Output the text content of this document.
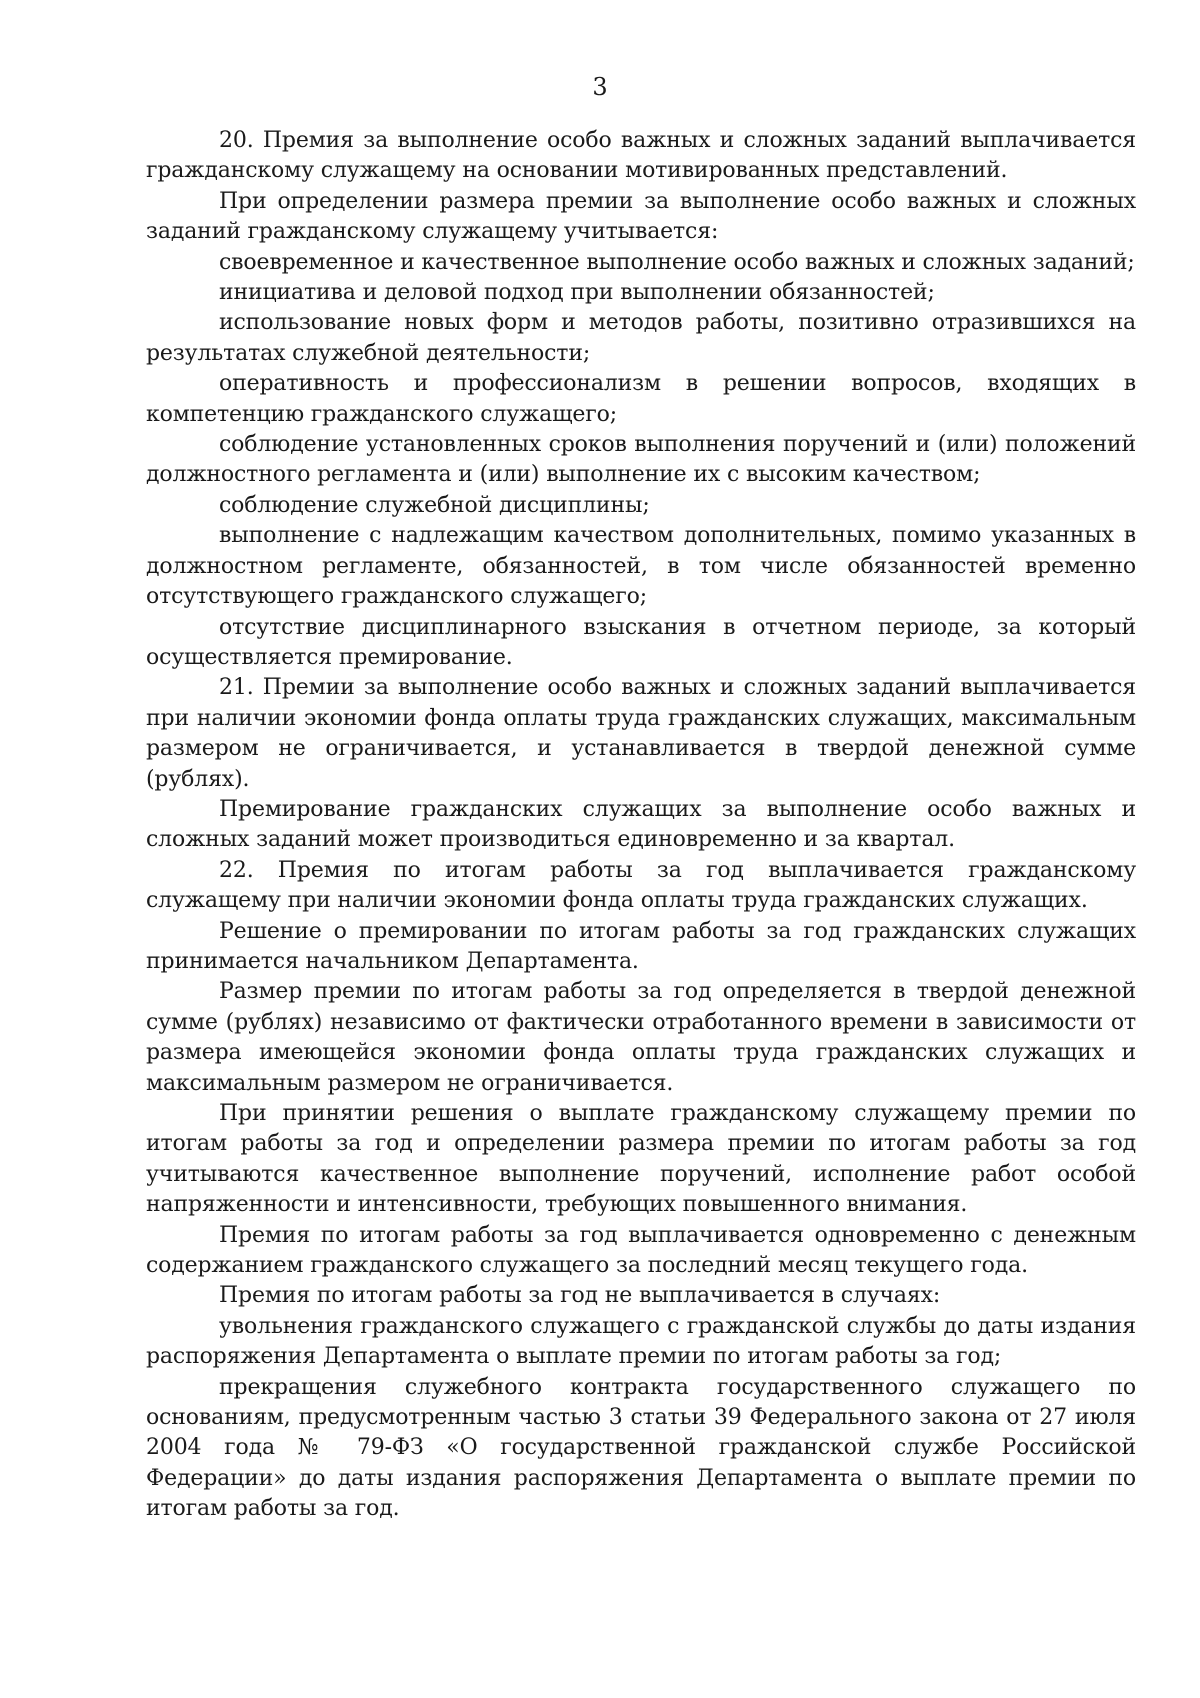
3

20. Премия за выполнение особо важных и сложных заданий выплачивается гражданскому служащему на основании мотивированных представлений.

При определении размера премии за выполнение особо важных и сложных заданий гражданскому служащему учитывается:

своевременное и качественное выполнение особо важных и сложных заданий;

инициатива и деловой подход при выполнении обязанностей;

использование новых форм и методов работы, позитивно отразившихся на результатах служебной деятельности;

оперативность и профессионализм в решении вопросов, входящих в компетенцию гражданского служащего;

соблюдение установленных сроков выполнения поручений и (или) положений должностного регламента и (или) выполнение их с высоким качеством;

соблюдение служебной дисциплины;

выполнение с надлежащим качеством дополнительных, помимо указанных в должностном регламенте, обязанностей, в том числе обязанностей временно отсутствующего гражданского служащего;

отсутствие дисциплинарного взыскания в отчетном периоде, за который осуществляется премирование.

21. Премии за выполнение особо важных и сложных заданий выплачивается при наличии экономии фонда оплаты труда гражданских служащих, максимальным размером не ограничивается, и устанавливается в твердой денежной сумме (рублях).

Премирование гражданских служащих за выполнение особо важных и сложных заданий может производиться единовременно и за квартал.

22. Премия по итогам работы за год выплачивается гражданскому служащему при наличии экономии фонда оплаты труда гражданских служащих.

Решение о премировании по итогам работы за год гражданских служащих принимается начальником Департамента.

Размер премии по итогам работы за год определяется в твердой денежной сумме (рублях) независимо от фактически отработанного времени в зависимости от размера имеющейся экономии фонда оплаты труда гражданских служащих и максимальным размером не ограничивается.

При принятии решения о выплате гражданскому служащему премии по итогам работы за год и определении размера премии по итогам работы за год учитываются качественное выполнение поручений, исполнение работ особой напряженности и интенсивности, требующих повышенного внимания.

Премия по итогам работы за год выплачивается одновременно с денежным содержанием гражданского служащего за последний месяц текущего года.

Премия по итогам работы за год не выплачивается в случаях:

увольнения гражданского служащего с гражданской службы до даты издания распоряжения Департамента о выплате премии по итогам работы за год;

прекращения служебного контракта государственного служащего по основаниям, предусмотренным частью 3 статьи 39 Федерального закона от 27 июля 2004 года № 79-ФЗ «О государственной гражданской службе Российской Федерации» до даты издания распоряжения Департамента о выплате премии по итогам работы за год.
